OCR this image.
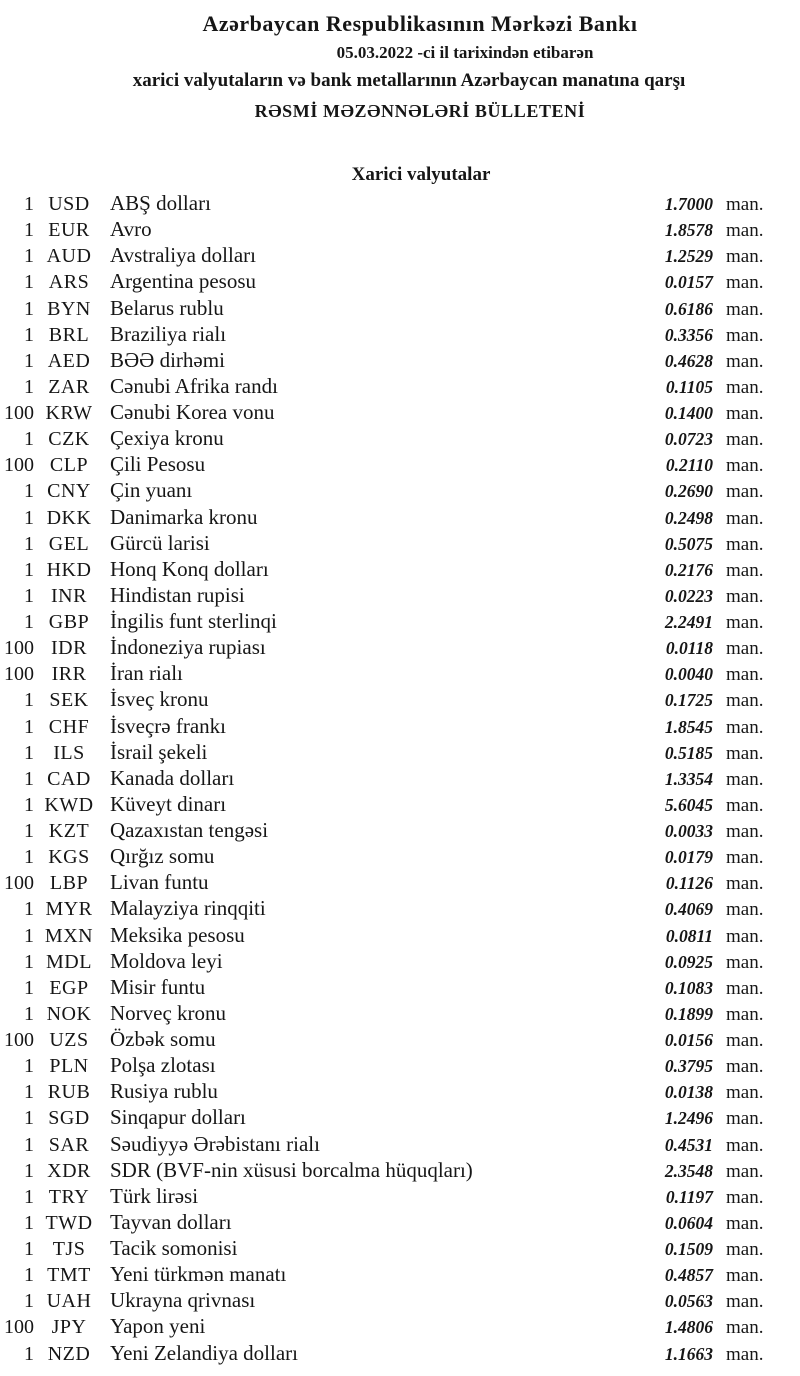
Azərbaycan Respublikasının Mərkəzi Bankı
05.03.2022 -ci il tarixindən etibarən
xarici valyutaların və bank metallarının Azərbaycan manatına qarşı
RƏSMİ MƏZƏNNƏLƏRİ BÜLLETENİ
Xarici valyutalar
1 USD ABŞ dolları	1.7000 man.
1 EUR Avro	1.8578 man.
1 AUD Avstraliya dolları	1.2529 man.
1 ARS Argentina pesosu	0.0157 man.
1 BYN Belarus rublu	0.6186 man.
1 BRL Braziliya rialı	0.3356 man.
1 AED BƏƏ dirhəmi	0.4628 man.
1 ZAR Cənubi Afrika randı	0.1105 man.
100 KRW Cənubi Korea vonu	0.1400 man.
1 CZK Çexiya kronu	0.0723 man.
100 CLP	Çili Pesosu	0.2110 man.
1 CNY Çin yuanı	0.2690 man.
1 DKK Danimarka kronu	0.2498 man.
1 GEL Gürcü larisi	0.5075 man.
1 HKD Honq Konq dolları	0.2176 man.
1 INR	Hindistan rupisi	0.0223 man.
1 GBP İngilis funt sterlinqi	2.2491 man.
100 IDR	İndoneziya rupiası	0.0118 man.
100 IRR	İran rialı	0.0040 man.
1 SEK	İsveç kronu	0.1725 man.
1 CHF İsveçrə frankı	1.8545 man.
1 ILS	İsrail şekeli	0.5185 man.
1 CAD Kanada dolları	1.3354 man.
1 KWD Küveyt dinarı	5.6045 man.
1 KZT Qazaxıstan tengəsi	0.0033 man.
1 KGS Qırğız somu	0.0179 man.
100 LBP	Livan funtu	0.1126 man.
1 MYR Malayziya rinqqiti	0.4069 man.
1 MXN Meksika pesosu	0.0811 man.
1 MDL Moldova leyi	0.0925 man.
1 EGP	Misir funtu	0.1083 man.
1 NOK Norveç kronu	0.1899 man.
100 UZS	Özbək somu	0.0156 man.
1 PLN	Polşa zlotası	0.3795 man.
1 RUB Rusiya rublu	0.0138 man.
1 SGD Sinqapur dolları	1.2496 man.
1 SAR Səudiyyə Ərəbistanı rialı	0.4531 man.
1 XDR SDR (BVF-nin xüsusi borcalma hüquqları)	2.3548 man.
1 TRY Türk lirəsi	0.1197 man.
1 TWD Tayvan dolları	0.0604 man.
1 TJS	Tacik somonisi	0.1509 man.
1 TMT Yeni türkmən manatı	0.4857 man.
1 UAH Ukrayna qrivnası	0.0563 man.
100 JPY	Yapon yeni	1.4806 man.
1 NZD Yeni Zelandiya dolları	1.1663 man.
